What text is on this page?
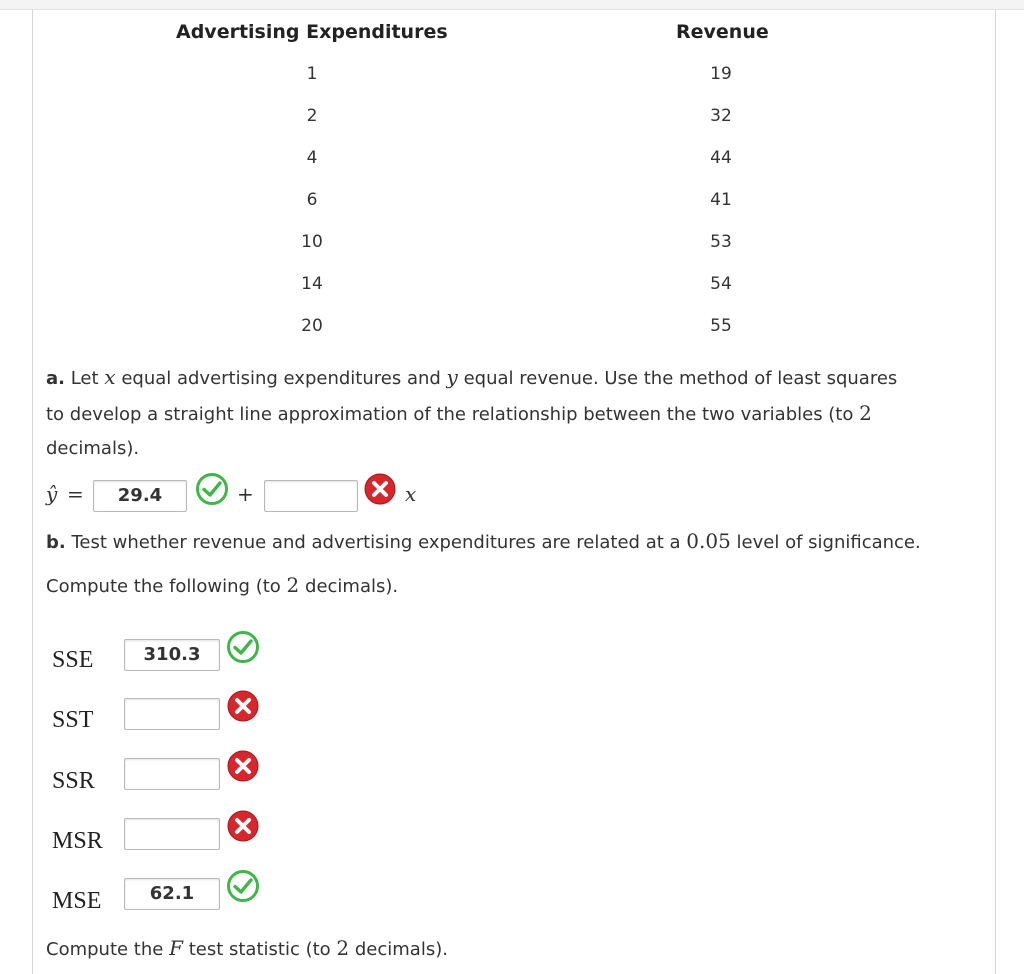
Advertising Expenditures	Revenue
1	19
2	32
4	44
6	41
10	53
14	54
20	55
a. Let x equal advertising expenditures and y equal revenue. Use the method of least squares
to develop a straight line approximation of the relationship between the two variables (to 2
decimals).
ŷ =	29.4	+	x
b. Test whether revenue and advertising expenditures are related at a 0.05 level of significance.
Compute the following (to 2 decimals).
SSE	310.3
SST
SSR
MSR
MSE	62.1
Compute the F test statistic (to 2 decimals).
